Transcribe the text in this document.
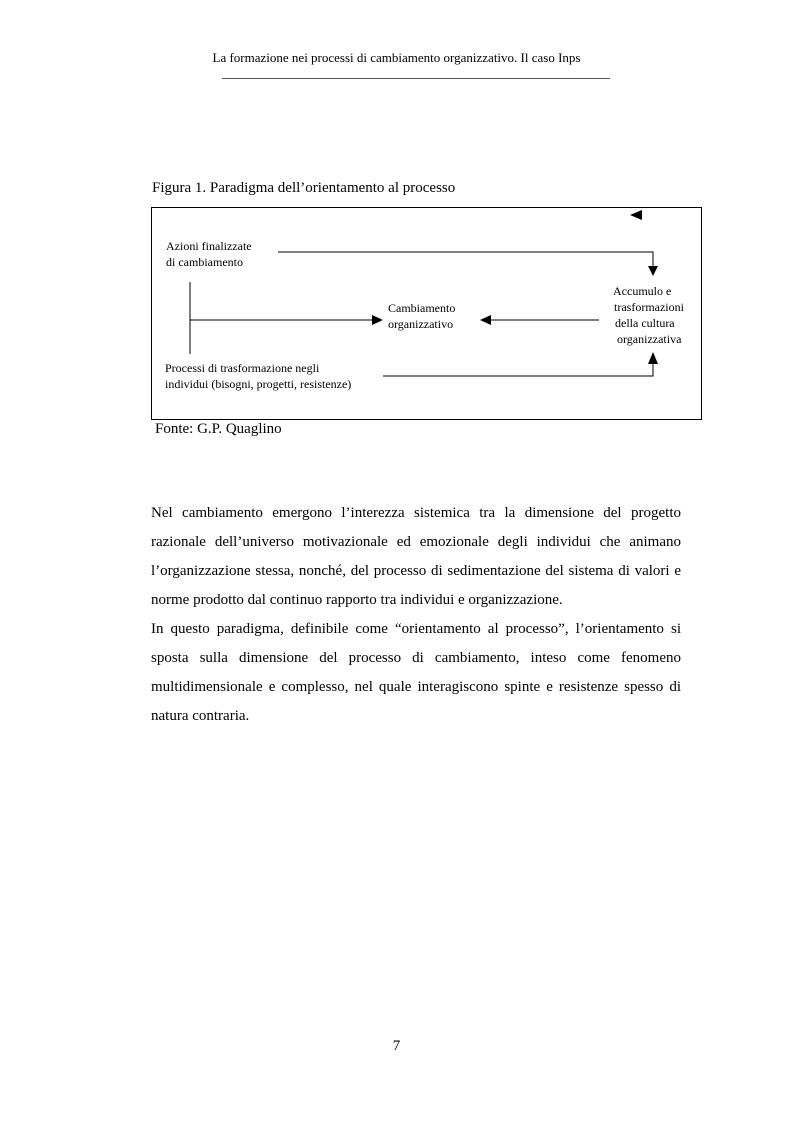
La formazione nei processi di cambiamento organizzativo. Il caso Inps
Figura 1. Paradigma dell’orientamento al processo
Azioni finalizzate
di cambiamento
Cambiamento
organizzativo
Accumulo e
trasformazioni
della cultura
organizzativa
Processi di trasformazione negli
individui (bisogni, progetti, resistenze)
Fonte: G.P. Quaglino

Nel cambiamento emergono l’interezza sistemica tra la dimensione del progetto razionale dell’universo motivazionale ed emozionale degli individui che animano l’organizzazione stessa, nonché, del processo di sedimentazione del sistema di valori e norme prodotto dal continuo rapporto tra individui e organizzazione.

In questo paradigma, definibile come “orientamento al processo”, l’orientamento si sposta sulla dimensione del processo di cambiamento, inteso come fenomeno multidimensionale e complesso, nel quale interagiscono spinte e resistenze spesso di natura contraria.

7
